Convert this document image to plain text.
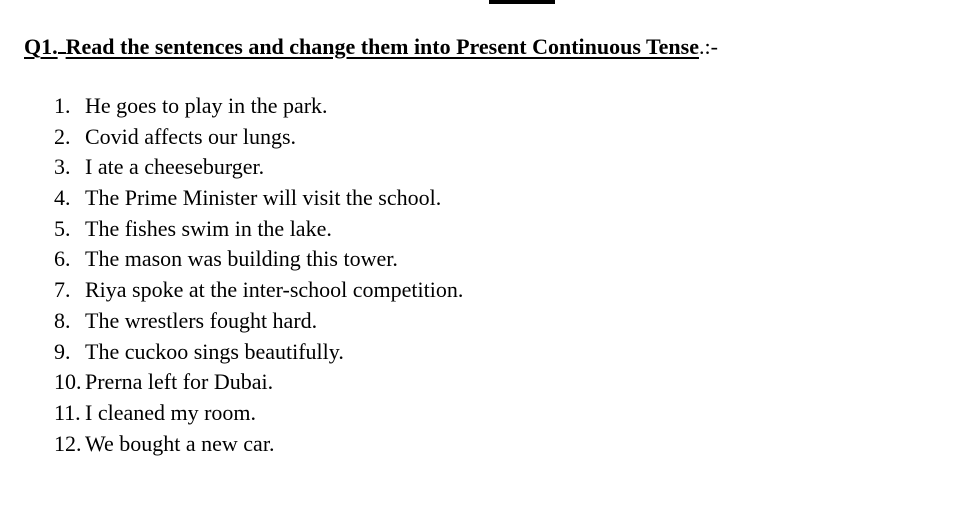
Q1. Read the sentences and change them into Present Continuous Tense.:-
1. He goes to play in the park.
2. Covid affects our lungs.
3. I ate a cheeseburger.
4. The Prime Minister will visit the school.
5. The fishes swim in the lake.
6. The mason was building this tower.
7. Riya spoke at the inter-school competition.
8. The wrestlers fought hard.
9. The cuckoo sings beautifully.
10. Prerna left for Dubai.
11. I cleaned my room.
12. We bought a new car.
